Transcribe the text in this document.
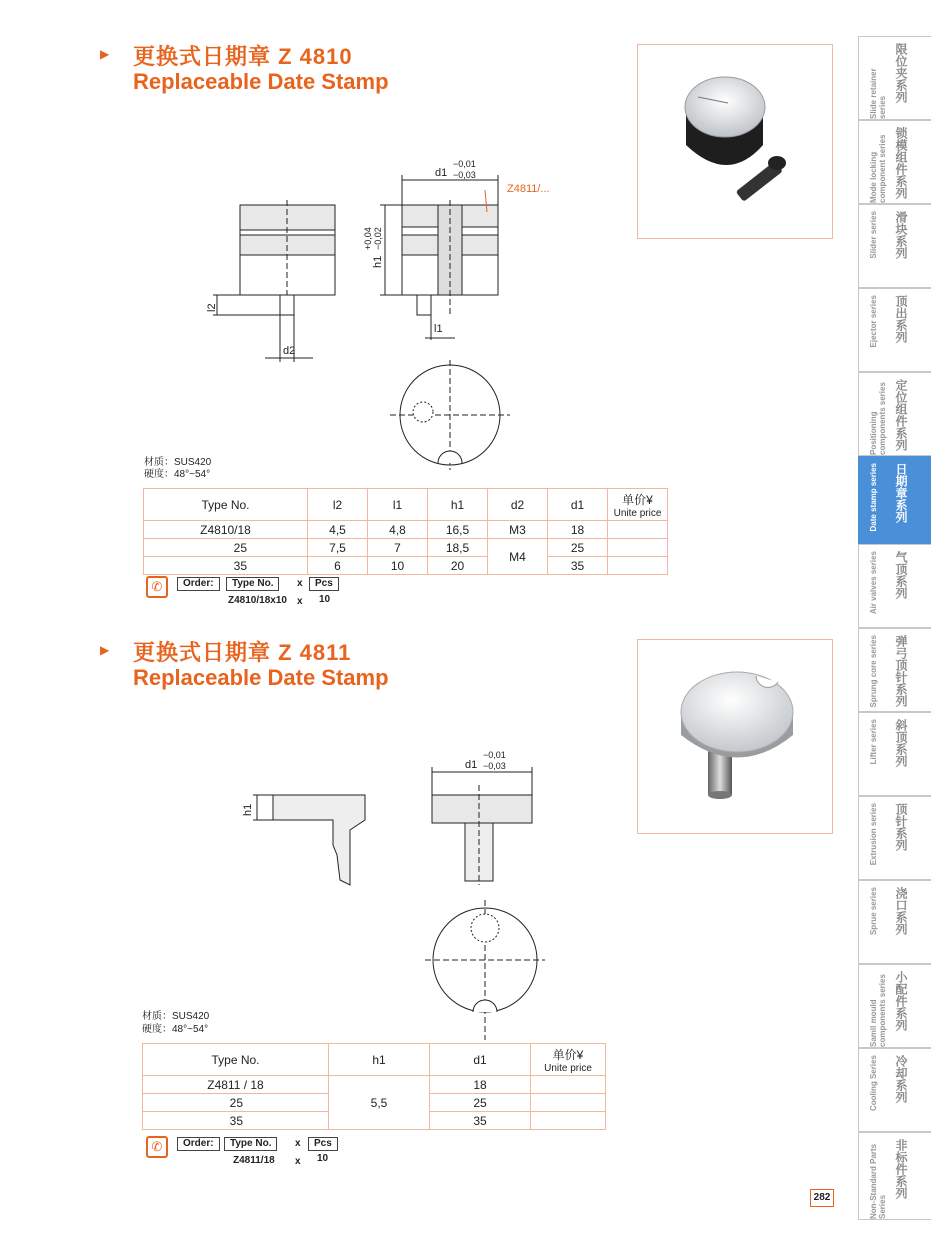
▶ 更换式日期章 Z 4810
Replaceable Date Stamp
d1
−0,01
−0,03
Z4811/...
h1
+0,04 −0,02
l2
d2
l1
材质：SUS420
硬度：48°~54°
Type No.	l2	l1	h1	d2	d1	单价¥
Unite price

Z4810/18	4,5	4,8	16,5	M3	18	
25	7,5	7	18,5	M4	25	
35	6	10	20		35	
✆	Order:	Type No.	x	Pcs
Z4810/18x10 x 10
▶ 更换式日期章 Z 4811
Replaceable Date Stamp
d1
−0,01
−0,03
h1
材质：SUS420
硬度：48°~54°
Type No.	h1	d1	单价¥
Unite price

Z4811 / 18	5,5	18	
25		25	
35		35	
✆	Order:	Type No.	x	Pcs
Z4811/18 x 10
限位夹系列
Slide retainer series
锁模组件系列
Mode locking component series
滑块系列
Slider series
顶出系列
Ejector series
定位组件系列
Positioning components series
日期章系列
Date stamp series
气顶系列
Air valves series
弹弓顶针系列
Sprung core series
斜顶系列
Lifter series
顶针系列
Extrusion series
浇口系列
Sprue series
小配件系列
Samll mould components series
冷却系列
Cooling Series
非标件系列
Non-Standard Parts Series
282
